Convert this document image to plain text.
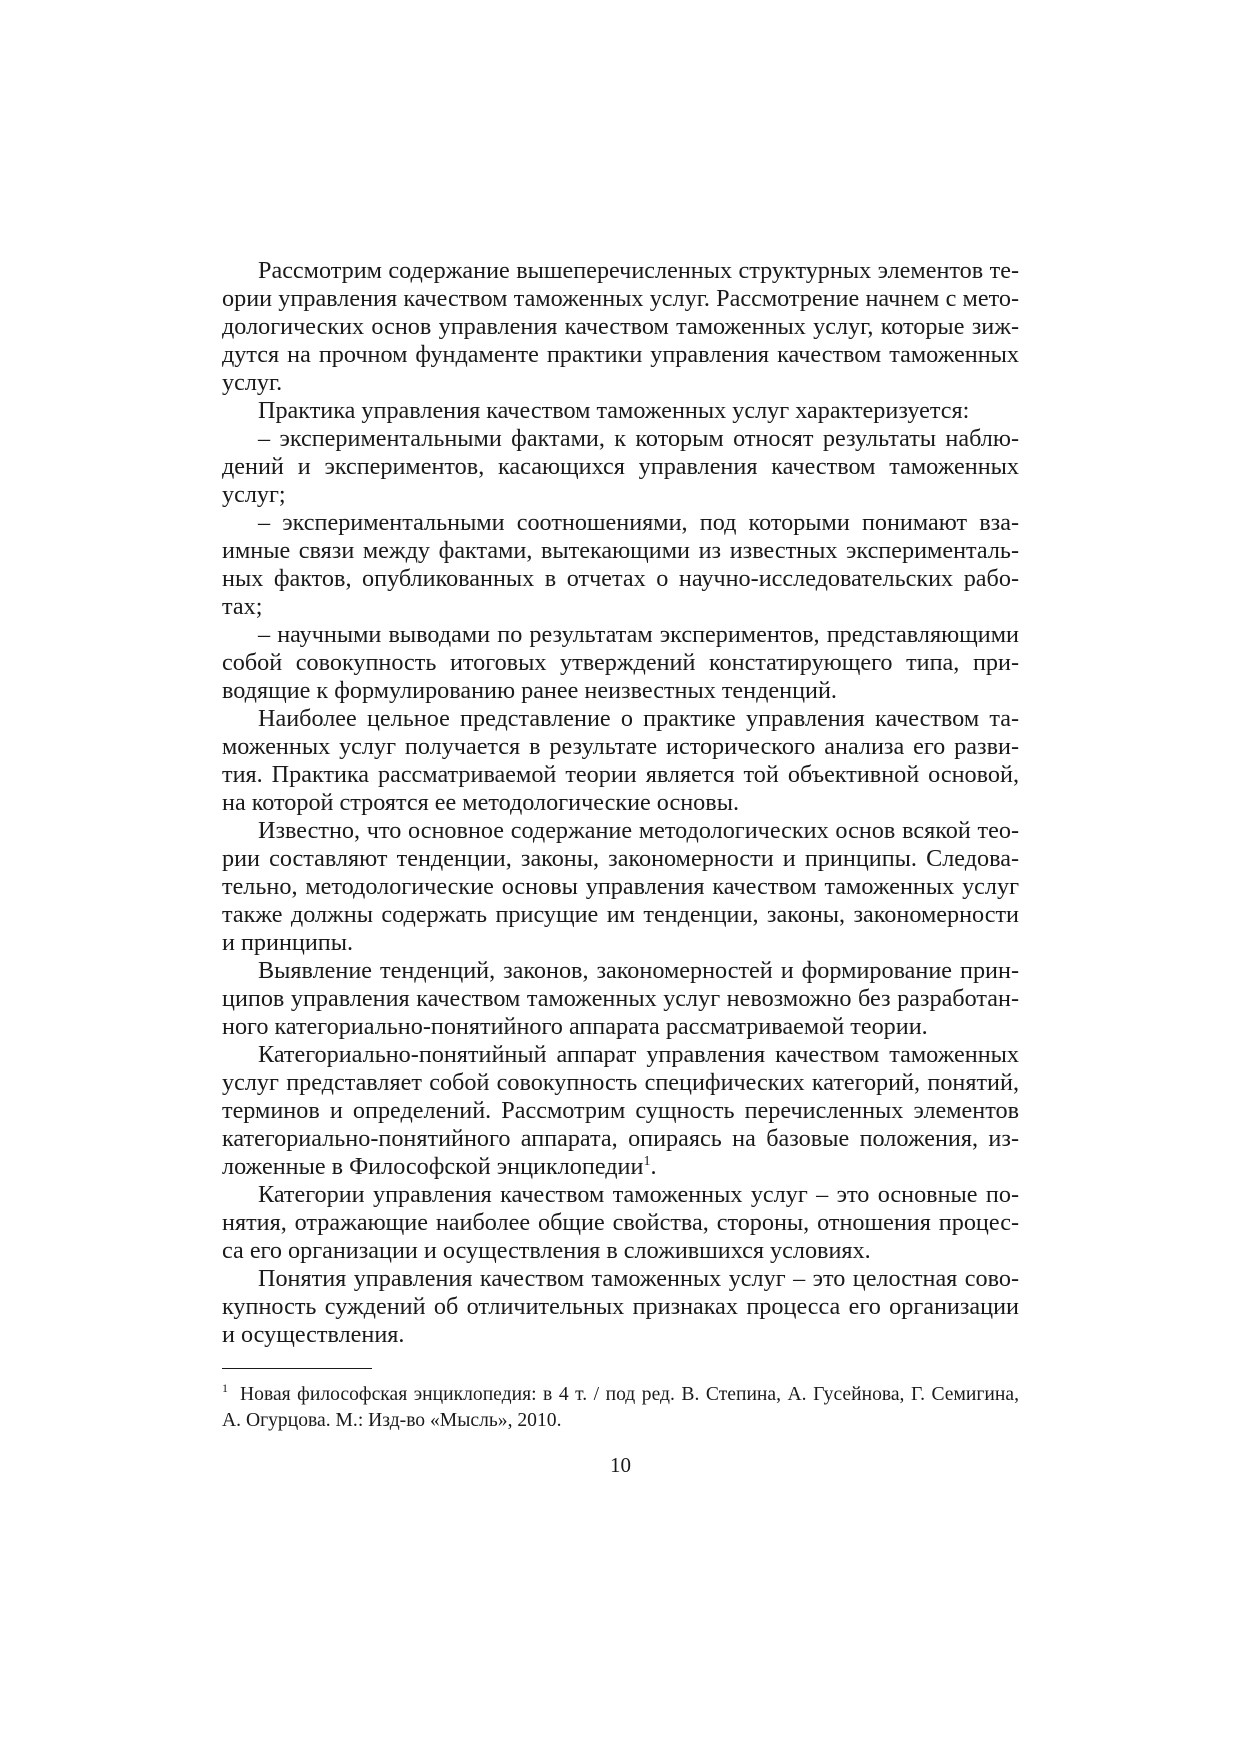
Рассмотрим содержание вышеперечисленных структурных элементов теории управления качеством таможенных услуг. Рассмотрение начнем с методологических основ управления качеством таможенных услуг, которые зиждутся на прочном фундаменте практики управления качеством таможенных услуг.

Практика управления качеством таможенных услуг характеризуется:

– экспериментальными фактами, к которым относят результаты наблюдений и экспериментов, касающихся управления качеством таможенных услуг;

– экспериментальными соотношениями, под которыми понимают взаимные связи между фактами, вытекающими из известных экспериментальных фактов, опубликованных в отчетах о научно-исследовательских работах;

– научными выводами по результатам экспериментов, представляющими собой совокупность итоговых утверждений констатирующего типа, приводящие к формулированию ранее неизвестных тенденций.

Наиболее цельное представление о практике управления качеством таможенных услуг получается в результате исторического анализа его развития. Практика рассматриваемой теории является той объективной основой, на которой строятся ее методологические основы.

Известно, что основное содержание методологических основ всякой теории составляют тенденции, законы, закономерности и принципы. Следовательно, методологические основы управления качеством таможенных услуг также должны содержать присущие им тенденции, законы, закономерности и принципы.

Выявление тенденций, законов, закономерностей и формирование принципов управления качеством таможенных услуг невозможно без разработанного категориально-понятийного аппарата рассматриваемой теории.

Категориально-понятийный аппарат управления качеством таможенных услуг представляет собой совокупность специфических категорий, понятий, терминов и определений. Рассмотрим сущность перечисленных элементов категориально-понятийного аппарата, опираясь на базовые положения, изложенные в Философской энциклопедии$^1$.

Категории управления качеством таможенных услуг – это основные понятия, отражающие наиболее общие свойства, стороны, отношения процесса его организации и осуществления в сложившихся условиях.

Понятия управления качеством таможенных услуг – это целостная совокупность суждений об отличительных признаках процесса его организации и осуществления.

$^1$ Новая философская энциклопедия: в 4 т. / под ред. В. Степина, А. Гусейнова, Г. Семигина, А. Огурцова. М.: Изд-во «Мысль», 2010.

10
